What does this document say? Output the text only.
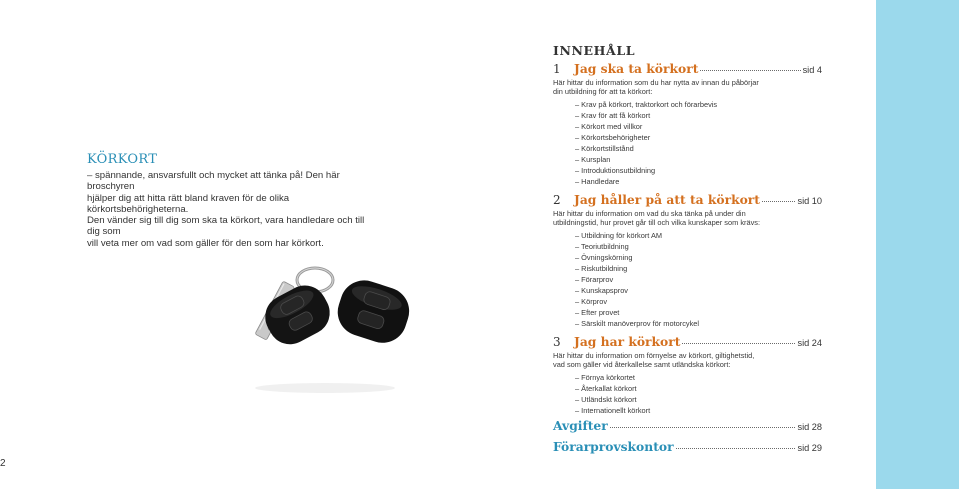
KÖRKORT
– spännande, ansvarsfullt och mycket att tänka på! Den här broschyren
hjälper dig att hitta rätt bland kraven för de olika körkortsbehörigheterna.
Den vänder sig till dig som ska ta körkort, vara handledare och till dig som
vill veta mer om vad som gäller för den som har körkort.
2
INNEHÅLL
1	Jag ska ta körkort	sid 4
Här hittar du information som du har nytta av innan du påbörjar
din utbildning för att ta körkort:
– Krav på körkort, traktorkort och förarbevis
– Krav för att få körkort
– Körkort med villkor
– Körkortsbehörigheter
– Körkortstillstånd
– Kursplan
– Introduktionsutbildning
– Handledare
2	Jag håller på att ta körkort	sid 10
Här hittar du information om vad du ska tänka på under din
utbildningstid, hur provet går till och vilka kunskaper som krävs:
– Utbildning för körkort AM
– Teoriutbildning
– Övningskörning
– Riskutbildning
– Förarprov
– Kunskapsprov
– Körprov
– Efter provet
– Särskilt manöverprov för motorcykel
3	Jag har körkort	sid 24
Här hittar du information om förnyelse av körkort, giltighetstid,
vad som gäller vid återkallelse samt utländska körkort:
– Förnya körkortet
– Återkallat körkort
– Utländskt körkort
– Internationellt körkort
Avgifter	sid 28
Förarprovskontor	sid 29
